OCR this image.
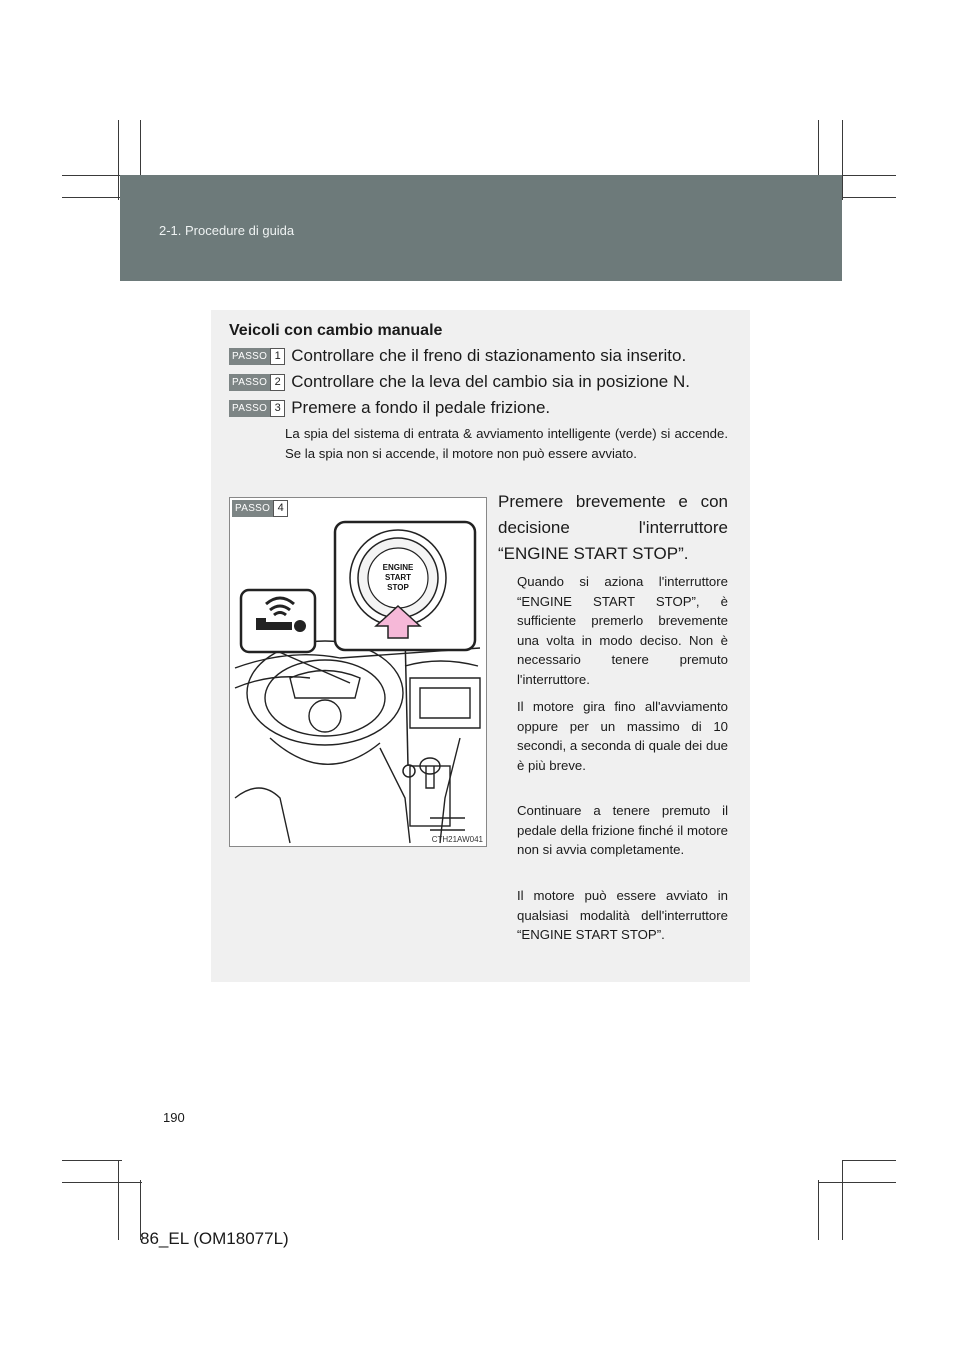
2-1. Procedure di guida
Veicoli con cambio manuale
PASSO 1 Controllare che il freno di stazionamento sia inserito.
PASSO 2 Controllare che la leva del cambio sia in posizione N.
PASSO 3 Premere a fondo il pedale frizione.
La spia del sistema di entrata & avviamento intelligente (verde) si accende. Se la spia non si accende, il motore non può essere avviato.
PASSO 4
ENGINE
START
STOP
CTH21AW041
Premere brevemente e con decisione l'interruttore “ENGINE START STOP”.
Quando si aziona l'interruttore “ENGINE START STOP”, è sufficiente premerlo brevemente una volta in modo deciso. Non è necessario tenere premuto l'interruttore.
Il motore gira fino all'avviamento oppure per un massimo di 10 secondi, a seconda di quale dei due è più breve.
Continuare a tenere premuto il pedale della frizione finché il motore non si avvia completamente.
Il motore può essere avviato in qualsiasi modalità dell'interruttore “ENGINE START STOP”.
190
86_EL (OM18077L)
